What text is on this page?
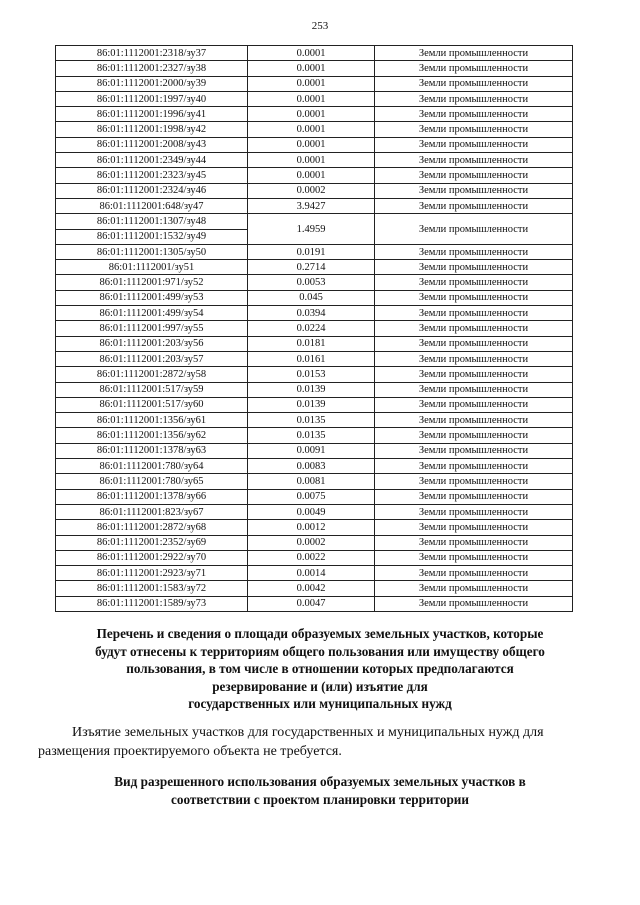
253
86:01:1112001:2318/зу37	0.0001	Земли промышленности
86:01:1112001:2327/зу38	0.0001	Земли промышленности
86:01:1112001:2000/зу39	0.0001	Земли промышленности
86:01:1112001:1997/зу40	0.0001	Земли промышленности
86:01:1112001:1996/зу41	0.0001	Земли промышленности
86:01:1112001:1998/зу42	0.0001	Земли промышленности
86:01:1112001:2008/зу43	0.0001	Земли промышленности
86:01:1112001:2349/зу44	0.0001	Земли промышленности
86:01:1112001:2323/зу45	0.0001	Земли промышленности
86:01:1112001:2324/зу46	0.0002	Земли промышленности
86:01:1112001:648/зу47	3.9427	Земли промышленности
86:01:1112001:1307/зу48	1.4959	Земли промышленности
86:01:1112001:1532/зу49		
86:01:1112001:1305/зу50	0.0191	Земли промышленности
86:01:1112001/зу51	0.2714	Земли промышленности
86:01:1112001:971/зу52	0.0053	Земли промышленности
86:01:1112001:499/зу53	0.045	Земли промышленности
86:01:1112001:499/зу54	0.0394	Земли промышленности
86:01:1112001:997/зу55	0.0224	Земли промышленности
86:01:1112001:203/зу56	0.0181	Земли промышленности
86:01:1112001:203/зу57	0.0161	Земли промышленности
86:01:1112001:2872/зу58	0.0153	Земли промышленности
86:01:1112001:517/зу59	0.0139	Земли промышленности
86:01:1112001:517/зу60	0.0139	Земли промышленности
86:01:1112001:1356/зу61	0.0135	Земли промышленности
86:01:1112001:1356/зу62	0.0135	Земли промышленности
86:01:1112001:1378/зу63	0.0091	Земли промышленности
86:01:1112001:780/зу64	0.0083	Земли промышленности
86:01:1112001:780/зу65	0.0081	Земли промышленности
86:01:1112001:1378/зу66	0.0075	Земли промышленности
86:01:1112001:823/зу67	0.0049	Земли промышленности
86:01:1112001:2872/зу68	0.0012	Земли промышленности
86:01:1112001:2352/зу69	0.0002	Земли промышленности
86:01:1112001:2922/зу70	0.0022	Земли промышленности
86:01:1112001:2923/зу71	0.0014	Земли промышленности
86:01:1112001:1583/зу72	0.0042	Земли промышленности
86:01:1112001:1589/зу73	0.0047	Земли промышленности
Перечень и сведения о площади образуемых земельных участков, которые
будут отнесены к территориям общего пользования или имуществу общего
пользования, в том числе в отношении которых предполагаются
резервирование и (или) изъятие для
государственных или муниципальных нужд

Изъятие земельных участков для государственных и муниципальных нужд для
размещения проектируемого объекта не требуется.

Вид разрешенного использования образуемых земельных участков в
соответствии с проектом планировки территории
